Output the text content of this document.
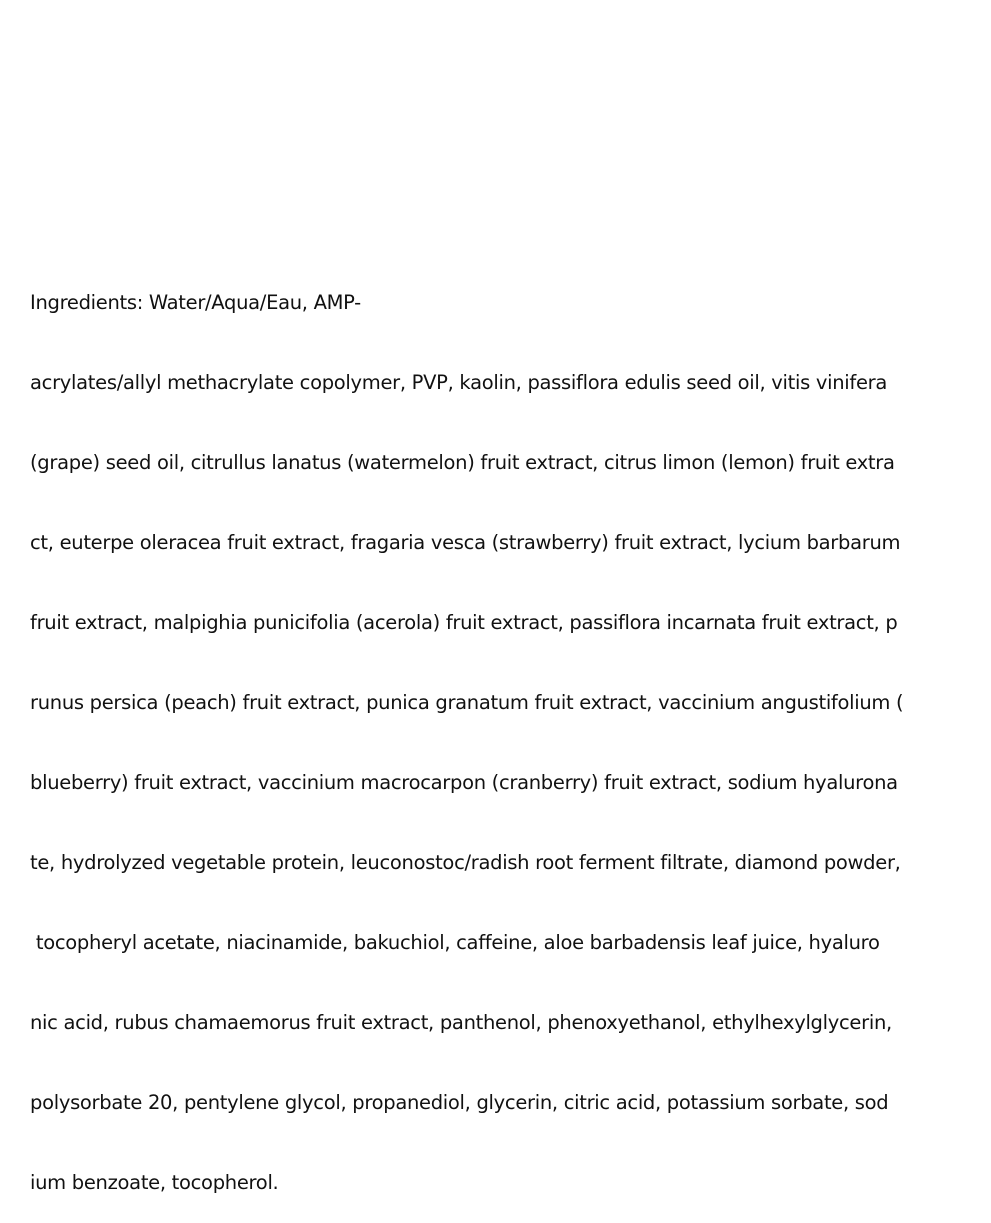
Ingredients: Water/Aqua/Eau, AMP-

acrylates/allyl methacrylate copolymer, PVP, kaolin, passiflora edulis seed oil, vitis vinifera

(grape) seed oil, citrullus lanatus (watermelon) fruit extract, citrus limon (lemon) fruit extra

ct, euterpe oleracea fruit extract, fragaria vesca (strawberry) fruit extract, lycium barbarum

fruit extract, malpighia punicifolia (acerola) fruit extract, passiflora incarnata fruit extract, p

runus persica (peach) fruit extract, punica granatum fruit extract, vaccinium angustifolium (

blueberry) fruit extract, vaccinium macrocarpon (cranberry) fruit extract, sodium hyalurona

te, hydrolyzed vegetable protein, leuconostoc/radish root ferment filtrate, diamond powder,

tocopheryl acetate, niacinamide, bakuchiol, caffeine, aloe barbadensis leaf juice, hyaluro

nic acid, rubus chamaemorus fruit extract, panthenol, phenoxyethanol, ethylhexylglycerin,

polysorbate 20, pentylene glycol, propanediol, glycerin, citric acid, potassium sorbate, sod

ium benzoate, tocopherol.
